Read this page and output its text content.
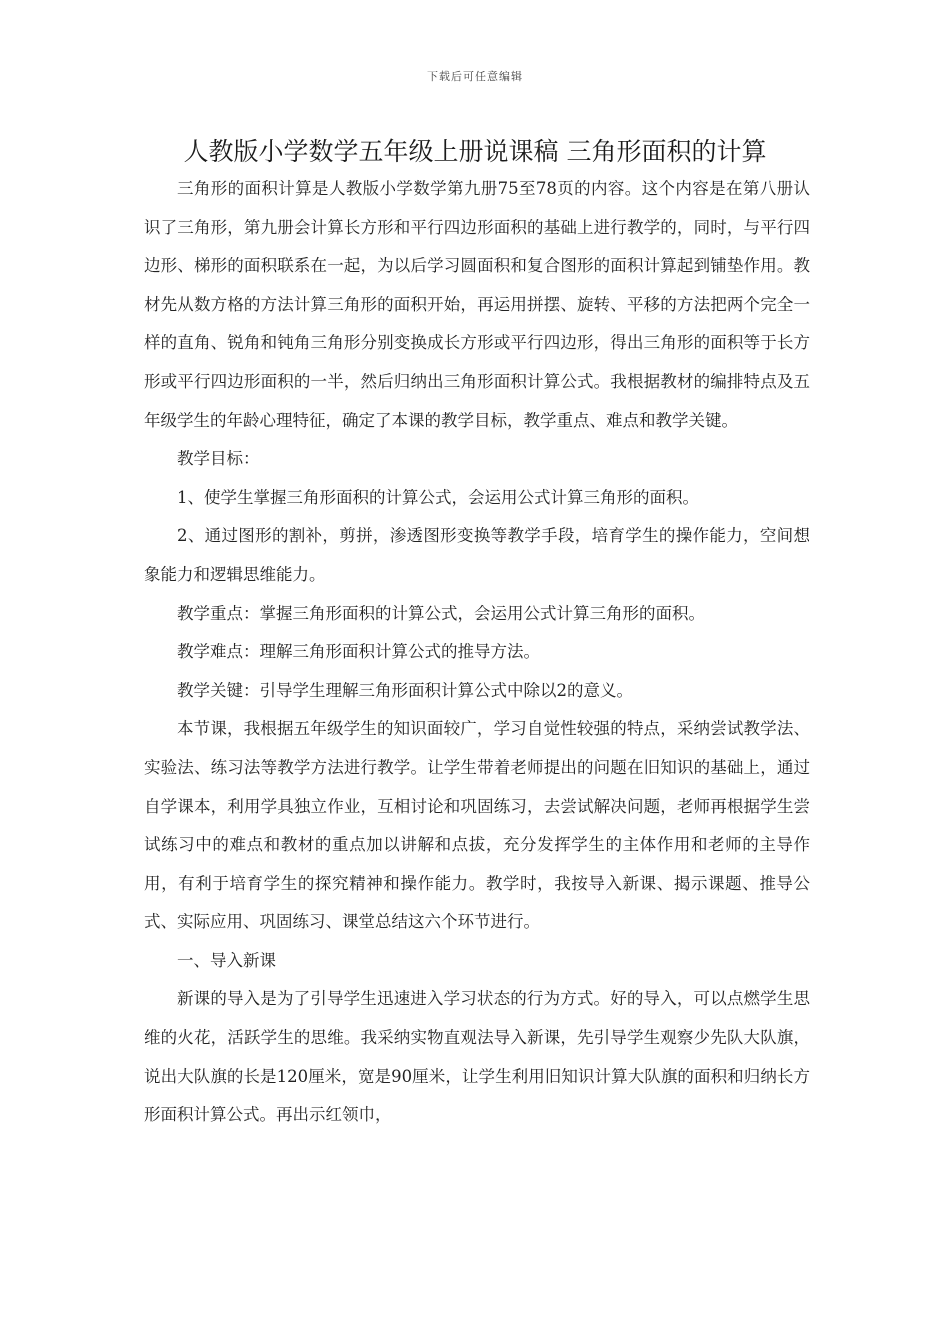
下载后可任意编辑
人教版小学数学五年级上册说课稿 三角形面积的计算

三角形的面积计算是人教版小学数学第九册75至78页的内容。这个内容是在第八册认识了三角形，第九册会计算长方形和平行四边形面积的基础上进行教学的，同时，与平行四边形、梯形的面积联系在一起，为以后学习圆面积和复合图形的面积计算起到铺垫作用。教材先从数方格的方法计算三角形的面积开始，再运用拼摆、旋转、平移的方法把两个完全一样的直角、锐角和钝角三角形分别变换成长方形或平行四边形，得出三角形的面积等于长方形或平行四边形面积的一半，然后归纳出三角形面积计算公式。我根据教材的编排特点及五年级学生的年龄心理特征，确定了本课的教学目标，教学重点、难点和教学关键。

教学目标：

1、使学生掌握三角形面积的计算公式，会运用公式计算三角形的面积。

2、通过图形的割补，剪拼，渗透图形变换等教学手段，培育学生的操作能力，空间想象能力和逻辑思维能力。

教学重点：掌握三角形面积的计算公式，会运用公式计算三角形的面积。

教学难点：理解三角形面积计算公式的推导方法。

教学关键：引导学生理解三角形面积计算公式中除以2的意义。

本节课，我根据五年级学生的知识面较广，学习自觉性较强的特点，采纳尝试教学法、实验法、练习法等教学方法进行教学。让学生带着老师提出的问题在旧知识的基础上，通过自学课本，利用学具独立作业，互相讨论和巩固练习，去尝试解决问题，老师再根据学生尝试练习中的难点和教材的重点加以讲解和点拔，充分发挥学生的主体作用和老师的主导作用，有利于培育学生的探究精神和操作能力。教学时，我按导入新课、揭示课题、推导公式、实际应用、巩固练习、课堂总结这六个环节进行。

一、导入新课

新课的导入是为了引导学生迅速进入学习状态的行为方式。好的导入，可以点燃学生思维的火花，活跃学生的思维。我采纳实物直观法导入新课，先引导学生观察少先队大队旗，说出大队旗的长是120厘米，宽是90厘米，让学生利用旧知识计算大队旗的面积和归纳长方形面积计算公式。再出示红领巾，
